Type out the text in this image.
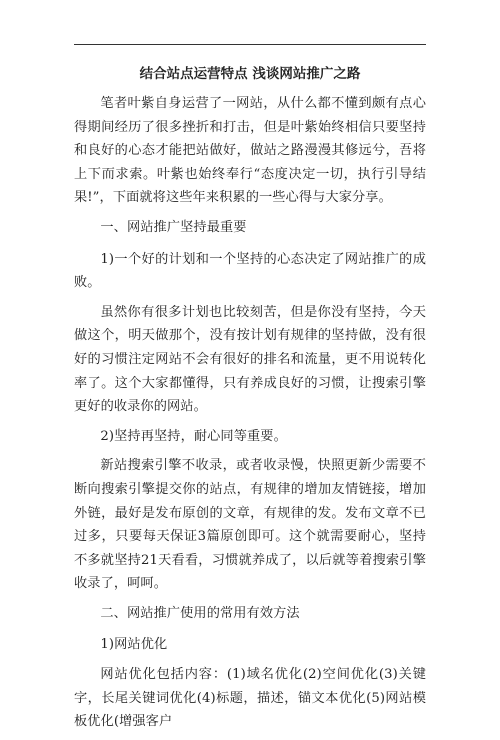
结合站点运营特点 浅谈网站推广之路

笔者叶紫自身运营了一网站，从什么都不懂到颇有点心得期间经历了很多挫折和打击，但是叶紫始终相信只要坚持和良好的心态才能把站做好，做站之路漫漫其修远兮，吾将上下而求索。叶紫也始终奉行“态度决定一切，执行引导结果!”，下面就将这些年来积累的一些心得与大家分享。

一、网站推广坚持最重要

1)一个好的计划和一个坚持的心态决定了网站推广的成败。

虽然你有很多计划也比较刻苦，但是你没有坚持，今天做这个，明天做那个，没有按计划有规律的坚持做，没有很好的习惯注定网站不会有很好的排名和流量，更不用说转化率了。这个大家都懂得，只有养成良好的习惯，让搜索引擎更好的收录你的网站。

2)坚持再坚持，耐心同等重要。

新站搜索引擎不收录，或者收录慢，快照更新少需要不断向搜索引擎提交你的站点，有规律的增加友情链接，增加外链，最好是发布原创的文章，有规律的发。发布文章不已过多，只要每天保证3篇原创即可。这个就需要耐心，坚持不多就坚持21天看看，习惯就养成了，以后就等着搜索引擎收录了，呵呵。

二、网站推广使用的常用有效方法

1)网站优化

网站优化包括内容：(1)域名优化(2)空间优化(3)关键字，长尾关键词优化(4)标题，描述，锚文本优化(5)网站模板优化(增强客户
